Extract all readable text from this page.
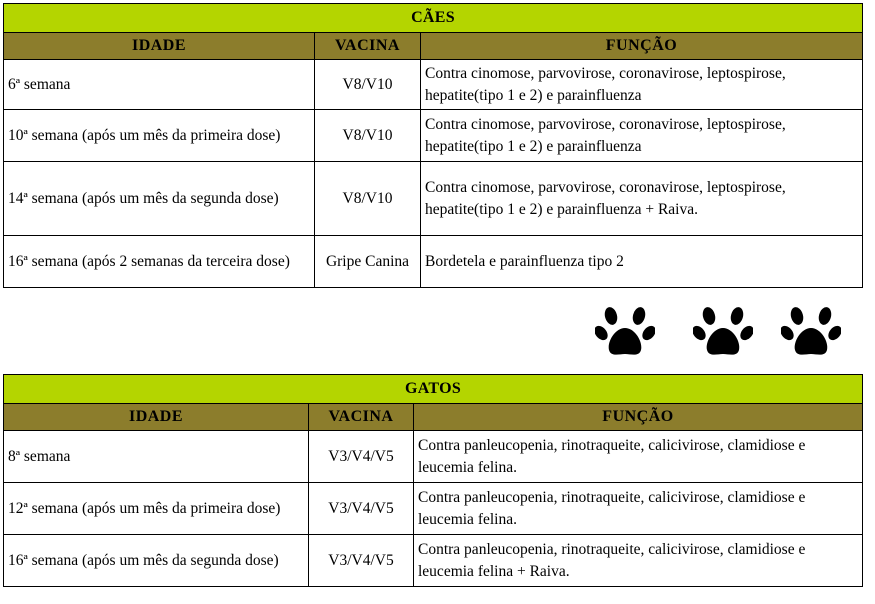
CÃES		
IDADE	VACINA	FUNÇÃO
6ª semana	V8/V10	Contra cinomose, parvovirose, coronavirose, leptospirose, hepatite(tipo 1 e 2) e parainfluenza
10ª semana (após um mês da primeira dose)	V8/V10	Contra cinomose, parvovirose, coronavirose, leptospirose, hepatite(tipo 1 e 2) e parainfluenza
14ª semana (após um mês da segunda dose)	V8/V10	Contra cinomose, parvovirose, coronavirose, leptospirose, hepatite(tipo 1 e 2) e parainfluenza + Raiva.
16ª semana (após 2 semanas da terceira dose)	Gripe Canina	Bordetela e parainfluenza tipo 2
GATOS		
IDADE	VACINA	FUNÇÃO
8ª semana	V3/V4/V5	Contra panleucopenia, rinotraqueite, calicivirose, clamidiose e leucemia felina.
12ª semana (após um mês da primeira dose)	V3/V4/V5	Contra panleucopenia, rinotraqueite, calicivirose, clamidiose e leucemia felina.
16ª semana (após um mês da segunda dose)	V3/V4/V5	Contra panleucopenia, rinotraqueite, calicivirose, clamidiose e leucemia felina + Raiva.
